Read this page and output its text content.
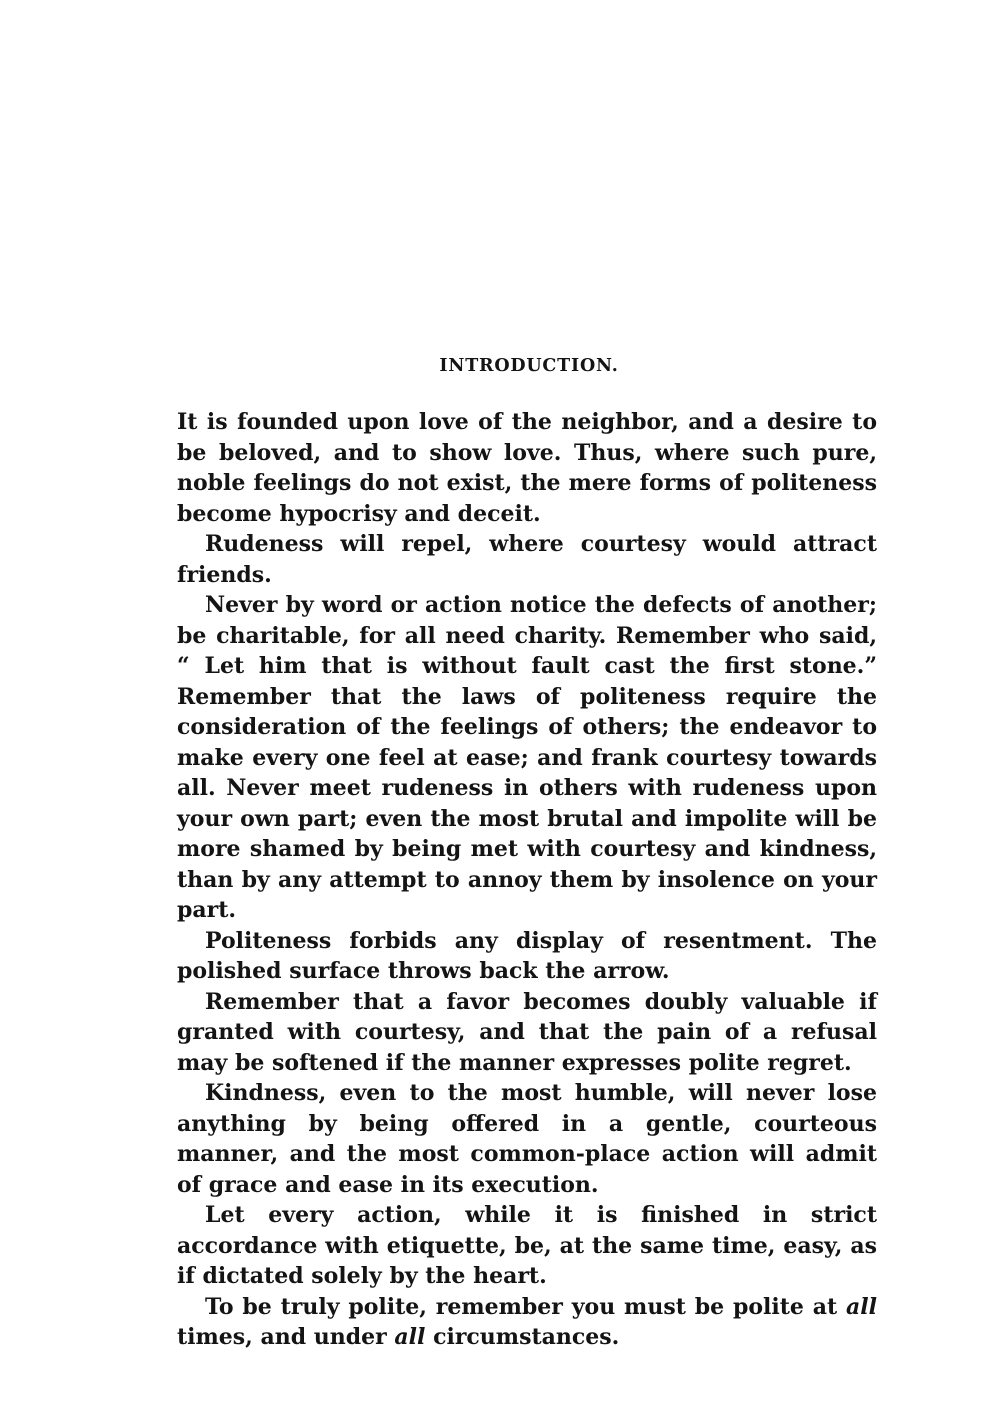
INTRODUCTION.

It is founded upon love of the neighbor, and a desire to be beloved, and to show love. Thus, where such pure, noble feelings do not exist, the mere forms of politeness become hypocrisy and deceit.

Rudeness will repel, where courtesy would attract friends.

Never by word or action notice the defects of another; be charitable, for all need charity. Remember who said, “ Let him that is without fault cast the first stone.” Remember that the laws of politeness require the consideration of the feelings of others; the endeavor to make every one feel at ease; and frank courtesy towards all. Never meet rudeness in others with rudeness upon your own part; even the most brutal and impolite will be more shamed by being met with courtesy and kindness, than by any attempt to annoy them by insolence on your part.

Politeness forbids any display of resentment. The polished surface throws back the arrow.

Remember that a favor becomes doubly valuable if granted with courtesy, and that the pain of a refusal may be softened if the manner expresses polite regret.

Kindness, even to the most humble, will never lose anything by being offered in a gentle, courteous manner, and the most common-place action will admit of grace and ease in its execution.

Let every action, while it is finished in strict accordance with etiquette, be, at the same time, easy, as if dictated solely by the heart.

To be truly polite, remember you must be polite at all times, and under all circumstances.
